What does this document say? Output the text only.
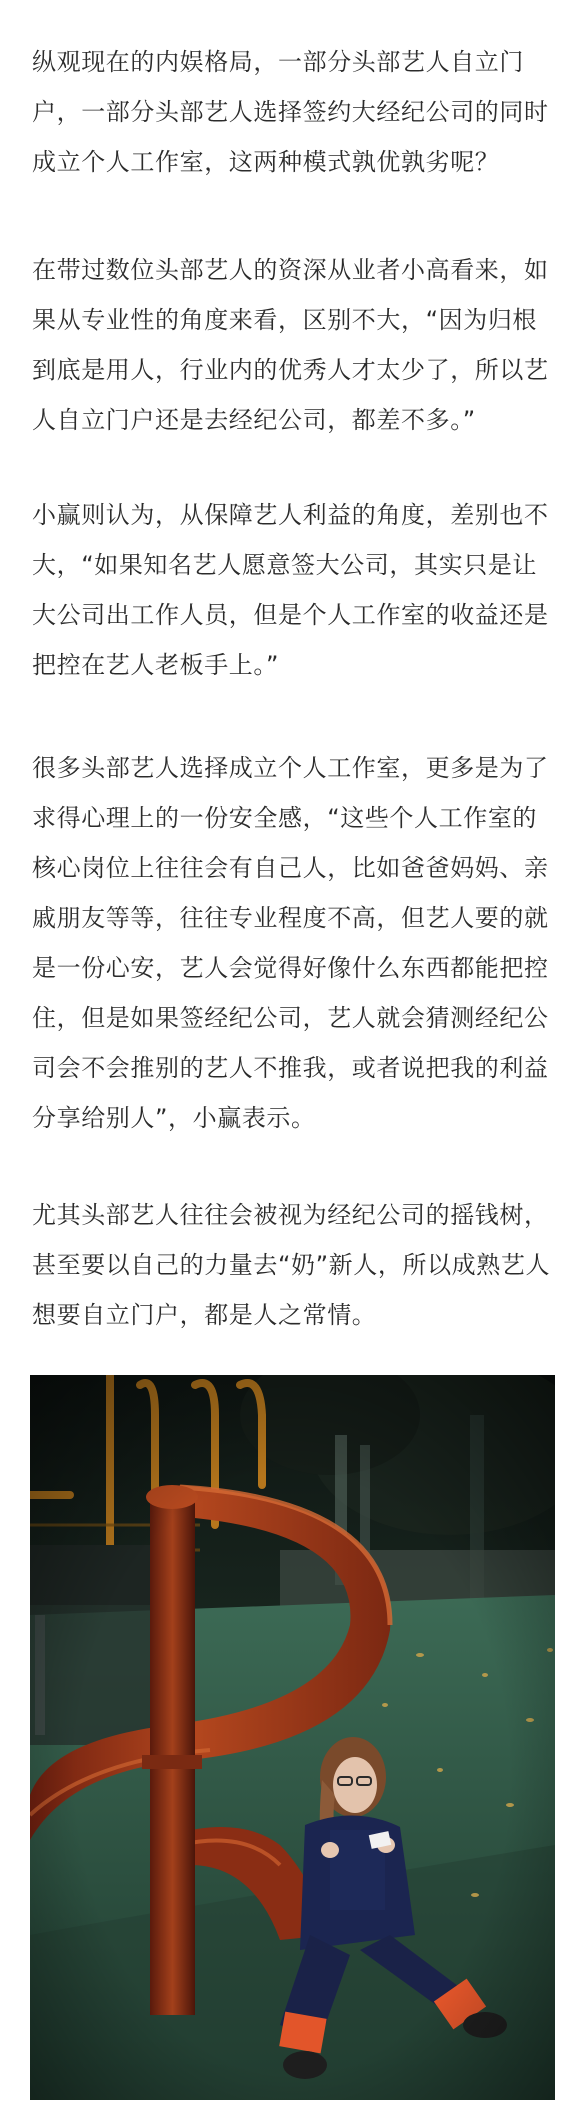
纵观现在的内娱格局，一部分头部艺人自立门
户，一部分头部艺人选择签约大经纪公司的同时
成立个人工作室，这两种模式孰优孰劣呢？

在带过数位头部艺人的资深从业者小高看来，如
果从专业性的角度来看，区别不大，“因为归根
到底是用人，行业内的优秀人才太少了，所以艺
人自立门户还是去经纪公司，都差不多。”

小赢则认为，从保障艺人利益的角度，差别也不
大，“如果知名艺人愿意签大公司，其实只是让
大公司出工作人员，但是个人工作室的收益还是
把控在艺人老板手上。”

很多头部艺人选择成立个人工作室，更多是为了
求得心理上的一份安全感，“这些个人工作室的
核心岗位上往往会有自己人，比如爸爸妈妈、亲
戚朋友等等，往往专业程度不高，但艺人要的就
是一份心安，艺人会觉得好像什么东西都能把控
住，但是如果签经纪公司，艺人就会猜测经纪公
司会不会推别的艺人不推我，或者说把我的利益
分享给别人”，小赢表示。

尤其头部艺人往往会被视为经纪公司的摇钱树，
甚至要以自己的力量去“奶”新人，所以成熟艺人
想要自立门户，都是人之常情。
